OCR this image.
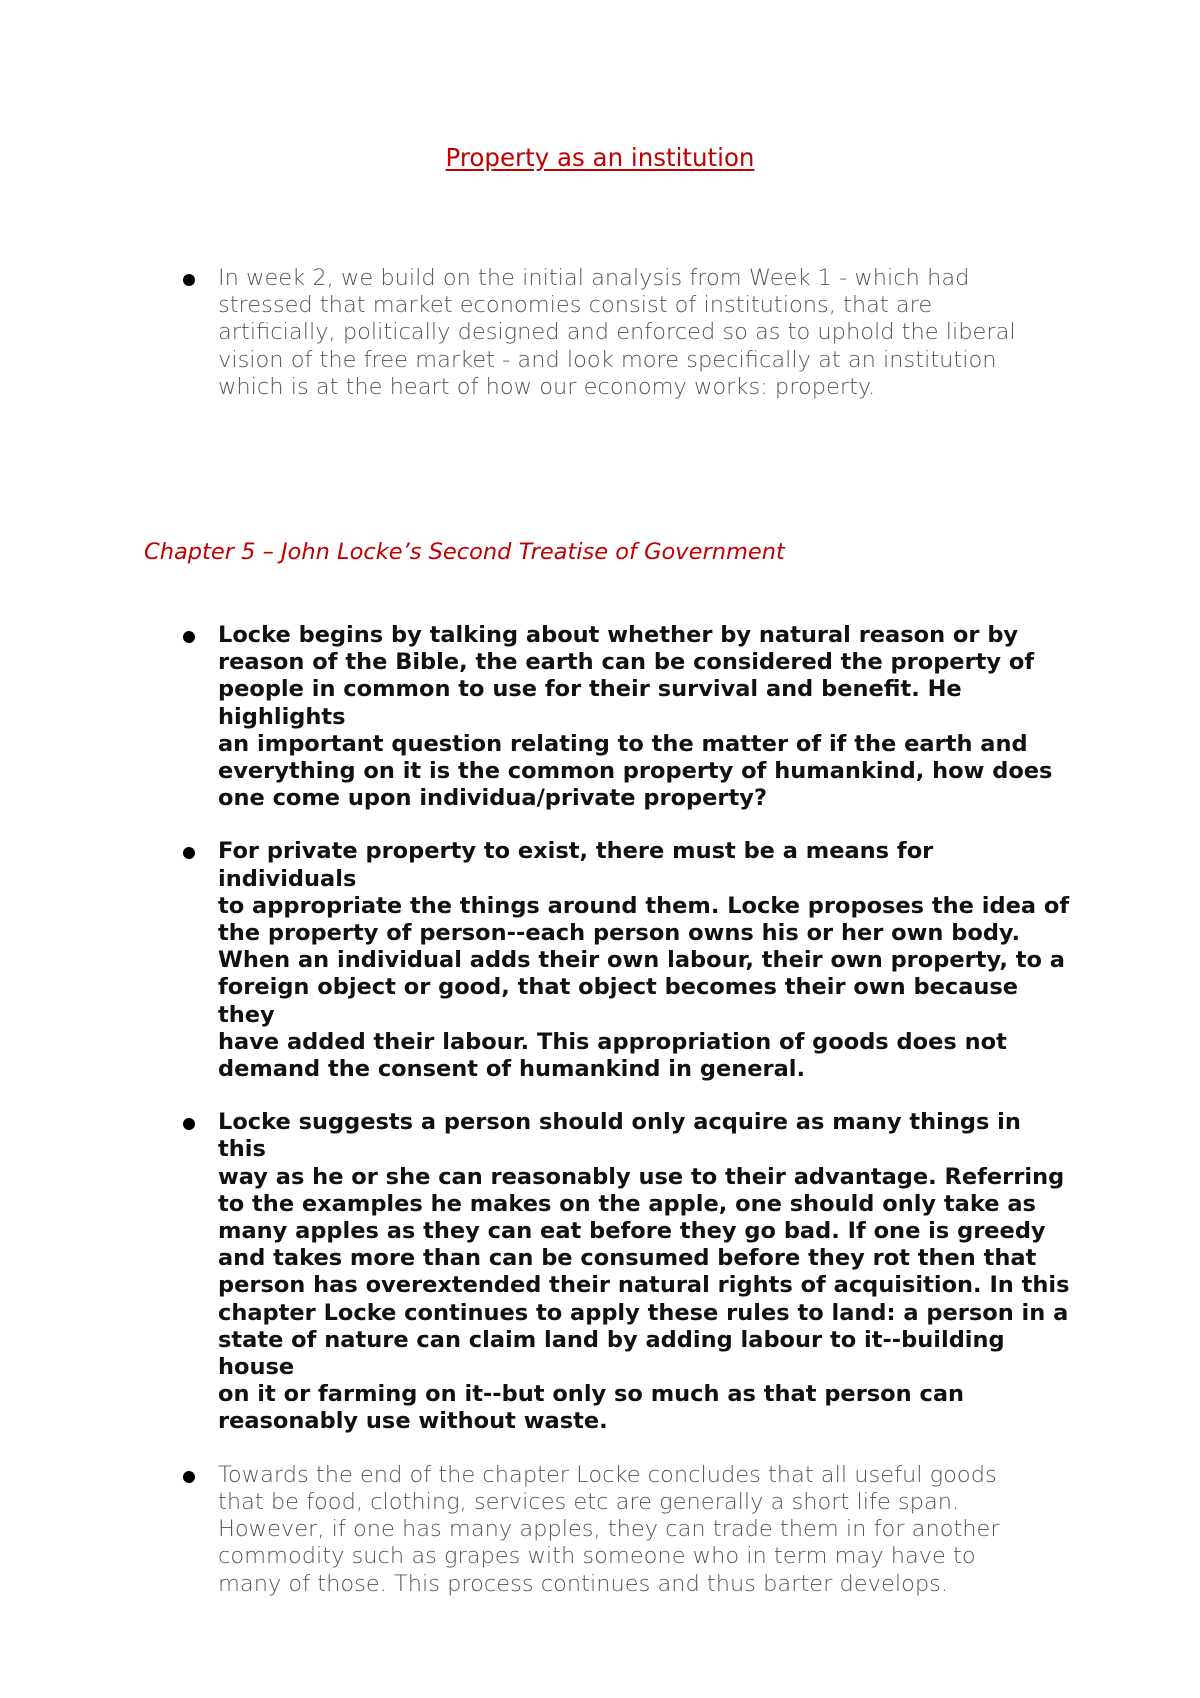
Property as an institution
In week 2, we build on the initial analysis from Week 1 - which had
stressed that market economies consist of institutions, that are
artificially, politically designed and enforced so as to uphold the liberal
vision of the free market - and look more specifically at an institution
which is at the heart of how our economy works: property.
Chapter 5 – John Locke’s Second Treatise of Government
Locke begins by talking about whether by natural reason or by
reason of the Bible, the earth can be considered the property of
people in common to use for their survival and benefit. He highlights
an important question relating to the matter of if the earth and
everything on it is the common property of humankind, how does
one come upon individua/private property?
For private property to exist, there must be a means for individuals
to appropriate the things around them. Locke proposes the idea of
the property of person--each person owns his or her own body.
When an individual adds their own labour, their own property, to a
foreign object or good, that object becomes their own because they
have added their labour. This appropriation of goods does not
demand the consent of humankind in general.
Locke suggests a person should only acquire as many things in this
way as he or she can reasonably use to their advantage. Referring
to the examples he makes on the apple, one should only take as
many apples as they can eat before they go bad. If one is greedy
and takes more than can be consumed before they rot then that
person has overextended their natural rights of acquisition. In this
chapter Locke continues to apply these rules to land: a person in a
state of nature can claim land by adding labour to it--building house
on it or farming on it--but only so much as that person can
reasonably use without waste.
Towards the end of the chapter Locke concludes that all useful goods
that be food, clothing, services etc are generally a short life span.
However, if one has many apples, they can trade them in for another
commodity such as grapes with someone who in term may have to
many of those. This process continues and thus barter develops.
